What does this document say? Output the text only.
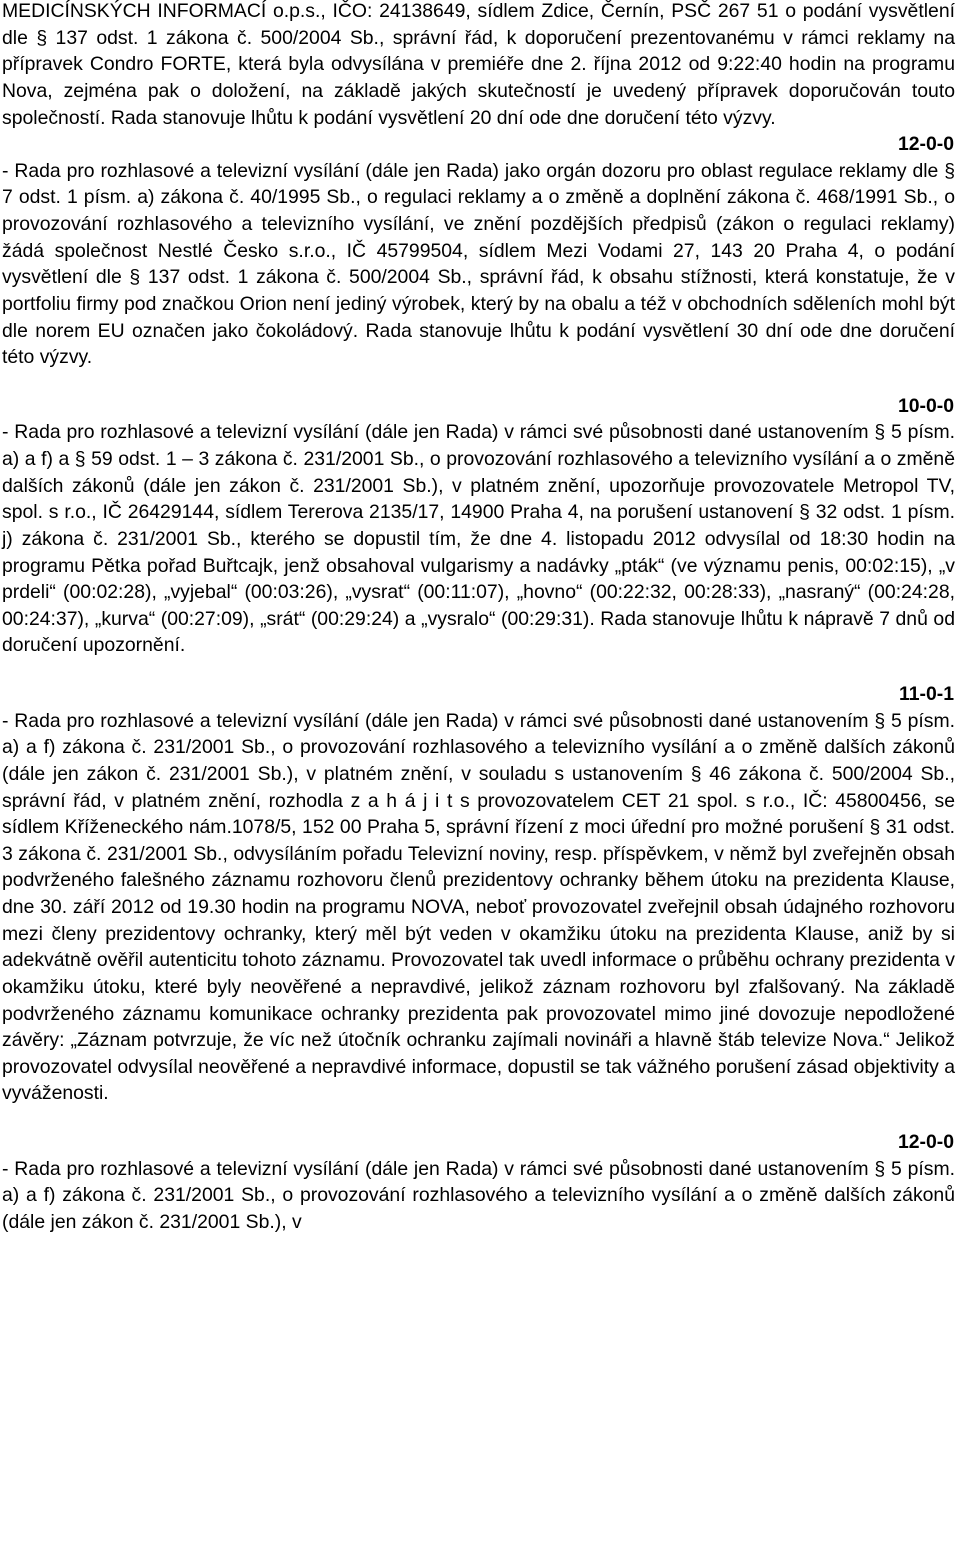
MEDICÍNSKÝCH INFORMACÍ o.p.s., IČO: 24138649, sídlem Zdice, Černín, PSČ 267 51 o podání vysvětlení dle § 137 odst. 1 zákona č. 500/2004 Sb., správní řád, k doporučení prezentovanému v rámci reklamy na přípravek Condro FORTE, která byla odvysílána v premiéře dne 2. října 2012 od 9:22:40 hodin na programu Nova, zejména pak o doložení, na základě jakých skutečností je uvedený přípravek doporučován touto společností. Rada stanovuje lhůtu k podání vysvětlení 20 dní ode dne doručení této výzvy.

12-0-0

- Rada pro rozhlasové a televizní vysílání (dále jen Rada) jako orgán dozoru pro oblast regulace reklamy dle § 7 odst. 1 písm. a) zákona č. 40/1995 Sb., o regulaci reklamy a o změně a doplnění zákona č. 468/1991 Sb., o provozování rozhlasového a televizního vysílání, ve znění pozdějších předpisů (zákon o regulaci reklamy) žádá společnost Nestlé Česko s.r.o., IČ 45799504, sídlem Mezi Vodami 27, 143 20 Praha 4, o podání vysvětlení dle § 137 odst. 1 zákona č. 500/2004 Sb., správní řád, k obsahu stížnosti, která konstatuje, že v portfoliu firmy pod značkou Orion není jediný výrobek, který by na obalu a též v obchodních sděleních mohl být dle norem EU označen jako čokoládový. Rada stanovuje lhůtu k podání vysvětlení 30 dní ode dne doručení této výzvy.

10-0-0

- Rada pro rozhlasové a televizní vysílání (dále jen Rada) v rámci své působnosti dané ustanovením § 5 písm. a) a f) a § 59 odst. 1 – 3 zákona č. 231/2001 Sb., o provozování rozhlasového a televizního vysílání a o změně dalších zákonů (dále jen zákon č. 231/2001 Sb.), v platném znění, upozorňuje provozovatele Metropol TV, spol. s r.o., IČ 26429144, sídlem Tererova 2135/17, 14900 Praha 4, na porušení ustanovení § 32 odst. 1 písm. j) zákona č. 231/2001 Sb., kterého se dopustil tím, že dne 4. listopadu 2012 odvysílal od 18:30 hodin na programu Pětka pořad Buřtcajk, jenž obsahoval vulgarismy a nadávky „pták“ (ve významu penis, 00:02:15), „v prdeli“ (00:02:28), „vyjebal“ (00:03:26), „vysrat“ (00:11:07), „hovno“ (00:22:32, 00:28:33), „nasraný“ (00:24:28, 00:24:37), „kurva“ (00:27:09), „srát“ (00:29:24) a „vysralo“ (00:29:31). Rada stanovuje lhůtu k nápravě 7 dnů od doručení upozornění.

11-0-1

- Rada pro rozhlasové a televizní vysílání (dále jen Rada) v rámci své působnosti dané ustanovením § 5 písm. a) a f) zákona č. 231/2001 Sb., o provozování rozhlasového a televizního vysílání a o změně dalších zákonů (dále jen zákon č. 231/2001 Sb.), v platném znění, v souladu s ustanovením § 46 zákona č. 500/2004 Sb., správní řád, v platném znění, rozhodla z a h á j i t s provozovatelem CET 21 spol. s r.o., IČ: 45800456, se sídlem Kříženeckého nám.1078/5, 152 00 Praha 5, správní řízení z moci úřední pro možné porušení § 31 odst. 3 zákona č. 231/2001 Sb., odvysíláním pořadu Televizní noviny, resp. příspěvkem, v němž byl zveřejněn obsah podvrženého falešného záznamu rozhovoru členů prezidentovy ochranky během útoku na prezidenta Klause, dne 30. září 2012 od 19.30 hodin na programu NOVA, neboť provozovatel zveřejnil obsah údajného rozhovoru mezi členy prezidentovy ochranky, který měl být veden v okamžiku útoku na prezidenta Klause, aniž by si adekvátně ověřil autenticitu tohoto záznamu. Provozovatel tak uvedl informace o průběhu ochrany prezidenta v okamžiku útoku, které byly neověřené a nepravdivé, jelikož záznam rozhovoru byl zfalšovaný. Na základě podvrženého záznamu komunikace ochranky prezidenta pak provozovatel mimo jiné dovozuje nepodložené závěry: „Záznam potvrzuje, že víc než útočník ochranku zajímali novináři a hlavně štáb televize Nova.“ Jelikož provozovatel odvysílal neověřené a nepravdivé informace, dopustil se tak vážného porušení zásad objektivity a vyváženosti.

12-0-0

- Rada pro rozhlasové a televizní vysílání (dále jen Rada) v rámci své působnosti dané ustanovením § 5 písm. a) a f) zákona č. 231/2001 Sb., o provozování rozhlasového a televizního vysílání a o změně dalších zákonů (dále jen zákon č. 231/2001 Sb.), v
